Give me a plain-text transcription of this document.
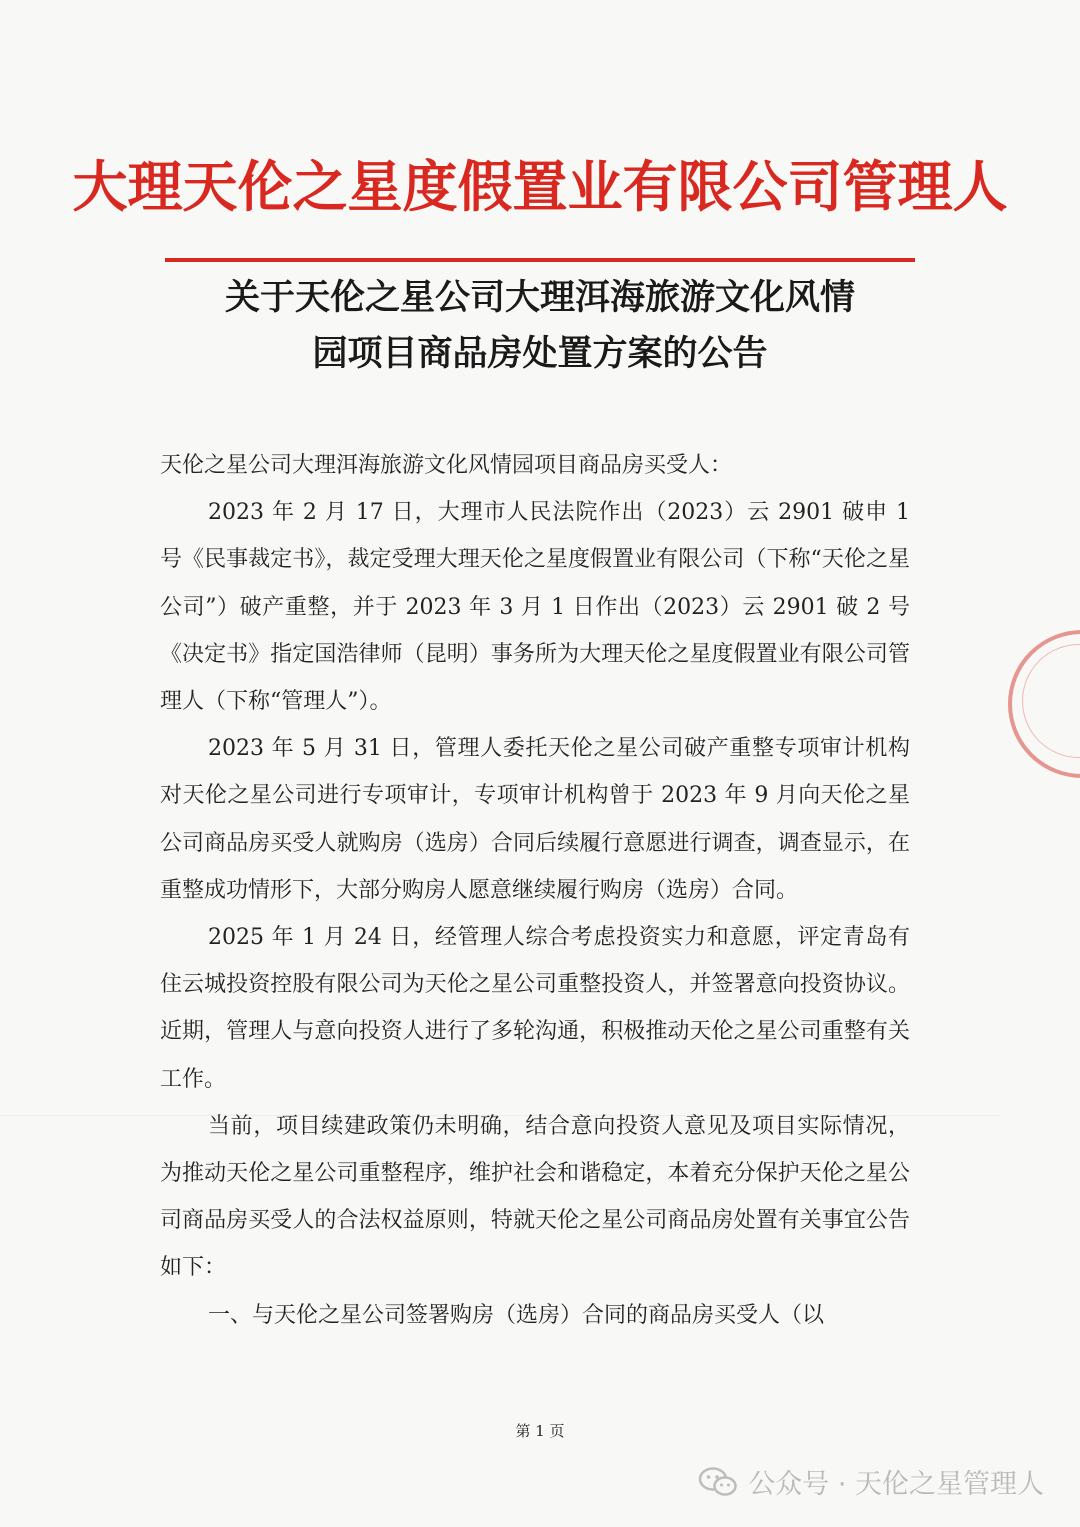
大理天伦之星度假置业有限公司管理人
关于天伦之星公司大理洱海旅游文化风情
园项目商品房处置方案的公告

天伦之星公司大理洱海旅游文化风情园项目商品房买受人：

2023 年 2 月 17 日，大理市人民法院作出（2023）云 2901 破申 1 号《民事裁定书》，裁定受理大理天伦之星度假置业有限公司（下称“天伦之星公司”）破产重整，并于 2023 年 3 月 1 日作出（2023）云 2901 破 2 号《决定书》指定国浩律师（昆明）事务所为大理天伦之星度假置业有限公司管理人（下称“管理人”）。

2023 年 5 月 31 日，管理人委托天伦之星公司破产重整专项审计机构对天伦之星公司进行专项审计，专项审计机构曾于 2023 年 9 月向天伦之星公司商品房买受人就购房（选房）合同后续履行意愿进行调查，调查显示，在重整成功情形下，大部分购房人愿意继续履行购房（选房）合同。

2025 年 1 月 24 日，经管理人综合考虑投资实力和意愿，评定青岛有住云城投资控股有限公司为天伦之星公司重整投资人，并签署意向投资协议。近期，管理人与意向投资人进行了多轮沟通，积极推动天伦之星公司重整有关工作。

当前，项目续建政策仍未明确，结合意向投资人意见及项目实际情况，为推动天伦之星公司重整程序，维护社会和谐稳定，本着充分保护天伦之星公司商品房买受人的合法权益原则，特就天伦之星公司商品房处置有关事宜公告如下：

一、与天伦之星公司签署购房（选房）合同的商品房买受人（以

第 1 页
公众号 · 天伦之星管理人
